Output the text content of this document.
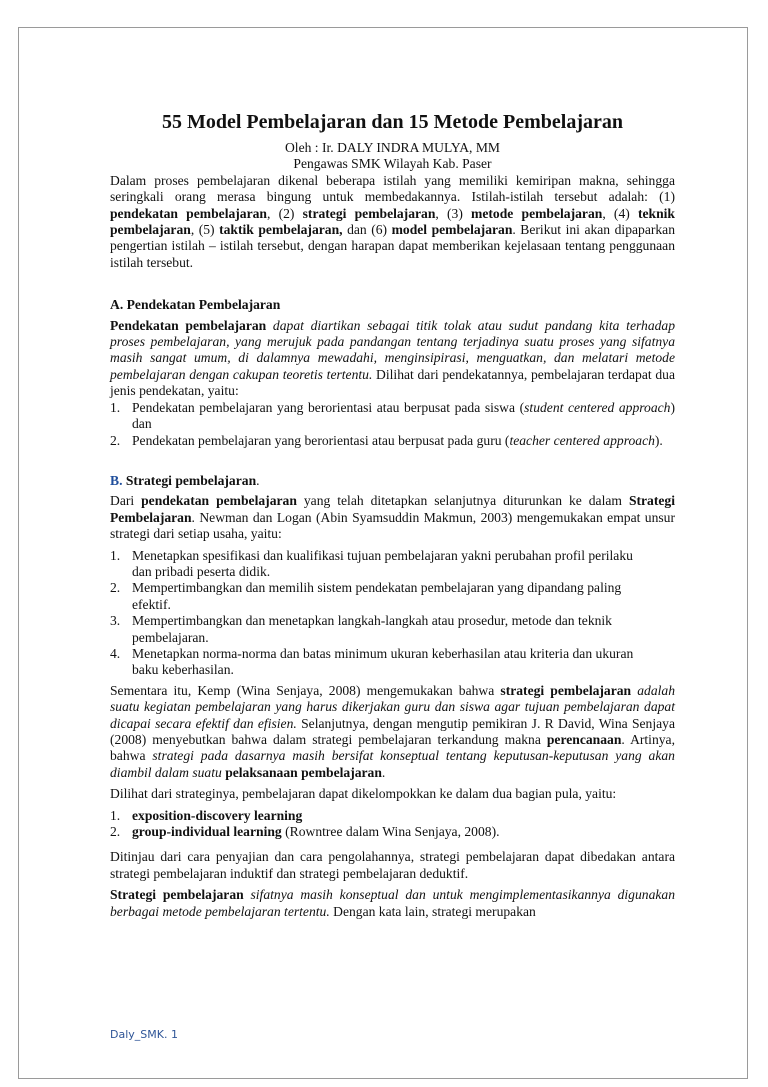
55 Model Pembelajaran dan 15 Metode Pembelajaran

Oleh : Ir. DALY INDRA MULYA, MM

Pengawas SMK Wilayah Kab. Paser

Dalam proses pembelajaran dikenal beberapa istilah yang memiliki kemiripan makna, sehingga seringkali orang merasa bingung untuk membedakannya. Istilah-istilah tersebut adalah: (1) pendekatan pembelajaran, (2) strategi pembelajaran, (3) metode pembelajaran, (4) teknik pembelajaran, (5) taktik pembelajaran, dan (6) model pembelajaran. Berikut ini akan dipaparkan pengertian istilah – istilah tersebut, dengan harapan dapat memberikan kejelasaan tentang penggunaan istilah tersebut.

A. Pendekatan Pembelajaran

Pendekatan pembelajaran dapat diartikan sebagai titik tolak atau sudut pandang kita terhadap proses pembelajaran, yang merujuk pada pandangan tentang terjadinya suatu proses yang sifatnya masih sangat umum, di dalamnya mewadahi, menginsipirasi, menguatkan, dan melatari metode pembelajaran dengan cakupan teoretis tertentu. Dilihat dari pendekatannya, pembelajaran terdapat dua jenis pendekatan, yaitu:

1. Pendekatan pembelajaran yang berorientasi atau berpusat pada siswa (student centered approach) dan
2. Pendekatan pembelajaran yang berorientasi atau berpusat pada guru (teacher centered approach).
B. Strategi pembelajaran.

Dari pendekatan pembelajaran yang telah ditetapkan selanjutnya diturunkan ke dalam Strategi Pembelajaran. Newman dan Logan (Abin Syamsuddin Makmun, 2003) mengemukakan empat unsur strategi dari setiap usaha, yaitu:

1. Menetapkan spesifikasi dan kualifikasi tujuan pembelajaran yakni perubahan profil perilaku dan pribadi peserta didik.
2. Mempertimbangkan dan memilih sistem pendekatan pembelajaran yang dipandang paling efektif.
3. Mempertimbangkan dan menetapkan langkah-langkah atau prosedur, metode dan teknik pembelajaran.
4. Menetapkan norma-norma dan batas minimum ukuran keberhasilan atau kriteria dan ukuran baku keberhasilan.

Sementara itu, Kemp (Wina Senjaya, 2008) mengemukakan bahwa strategi pembelajaran adalah suatu kegiatan pembelajaran yang harus dikerjakan guru dan siswa agar tujuan pembelajaran dapat dicapai secara efektif dan efisien. Selanjutnya, dengan mengutip pemikiran J. R David, Wina Senjaya (2008) menyebutkan bahwa dalam strategi pembelajaran terkandung makna perencanaan. Artinya, bahwa strategi pada dasarnya masih bersifat konseptual tentang keputusan-keputusan yang akan diambil dalam suatu pelaksanaan pembelajaran.

Dilihat dari strateginya, pembelajaran dapat dikelompokkan ke dalam dua bagian pula, yaitu:

1. exposition-discovery learning
2. group-individual learning (Rowntree dalam Wina Senjaya, 2008).

Ditinjau dari cara penyajian dan cara pengolahannya, strategi pembelajaran dapat dibedakan antara strategi pembelajaran induktif dan strategi pembelajaran deduktif.

Strategi pembelajaran sifatnya masih konseptual dan untuk mengimplementasikannya digunakan berbagai metode pembelajaran tertentu. Dengan kata lain, strategi merupakan

Daly_SMK. 1
